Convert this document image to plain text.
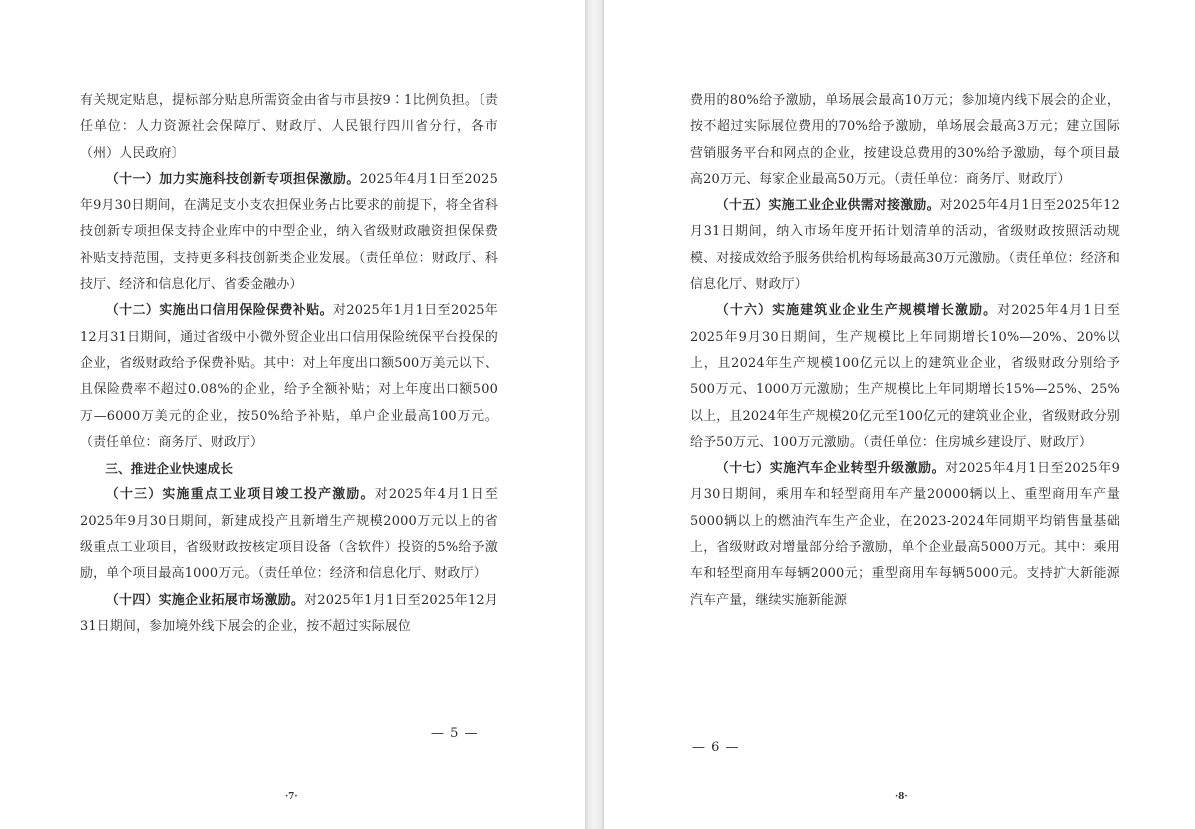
有关规定贴息，提标部分贴息所需资金由省与市县按9∶1比例负担。〔责任单位：人力资源社会保障厅、财政厅、人民银行四川省分行，各市（州）人民政府〕

（十一）加力实施科技创新专项担保激励。2025年4月1日至2025年9月30日期间，在满足支小支农担保业务占比要求的前提下，将全省科技创新专项担保支持企业库中的中型企业，纳入省级财政融资担保保费补贴支持范围，支持更多科技创新类企业发展。（责任单位：财政厅、科技厅、经济和信息化厅、省委金融办）

（十二）实施出口信用保险保费补贴。对2025年1月1日至2025年12月31日期间，通过省级中小微外贸企业出口信用保险统保平台投保的企业，省级财政给予保费补贴。其中：对上年度出口额500万美元以下、且保险费率不超过0.08%的企业，给予全额补贴；对上年度出口额500万—6000万美元的企业，按50%给予补贴，单户企业最高100万元。（责任单位：商务厅、财政厅）

三、推进企业快速成长

（十三）实施重点工业项目竣工投产激励。对2025年4月1日至2025年9月30日期间，新建成投产且新增生产规模2000万元以上的省级重点工业项目，省级财政按核定项目设备（含软件）投资的5%给予激励，单个项目最高1000万元。（责任单位：经济和信息化厅、财政厅）

（十四）实施企业拓展市场激励。对2025年1月1日至2025年12月31日期间，参加境外线下展会的企业，按不超过实际展位

— 5 —
·7·

费用的80%给予激励，单场展会最高10万元；参加境内线下展会的企业，按不超过实际展位费用的70%给予激励，单场展会最高3万元；建立国际营销服务平台和网点的企业，按建设总费用的30%给予激励，每个项目最高20万元、每家企业最高50万元。（责任单位：商务厅、财政厅）

（十五）实施工业企业供需对接激励。对2025年4月1日至2025年12月31日期间，纳入市场年度开拓计划清单的活动，省级财政按照活动规模、对接成效给予服务供给机构每场最高30万元激励。（责任单位：经济和信息化厅、财政厅）

（十六）实施建筑业企业生产规模增长激励。对2025年4月1日至2025年9月30日期间，生产规模比上年同期增长10%—20%、20%以上，且2024年生产规模100亿元以上的建筑业企业，省级财政分别给予500万元、1000万元激励；生产规模比上年同期增长15%—25%、25%以上，且2024年生产规模20亿元至100亿元的建筑业企业，省级财政分别给予50万元、100万元激励。（责任单位：住房城乡建设厅、财政厅）

（十七）实施汽车企业转型升级激励。对2025年4月1日至2025年9月30日期间，乘用车和轻型商用车产量20000辆以上、重型商用车产量5000辆以上的燃油汽车生产企业，在2023-2024年同期平均销售量基础上，省级财政对增量部分给予激励，单个企业最高5000万元。其中：乘用车和轻型商用车每辆2000元；重型商用车每辆5000元。支持扩大新能源汽车产量，继续实施新能源

— 6 —
·8·
